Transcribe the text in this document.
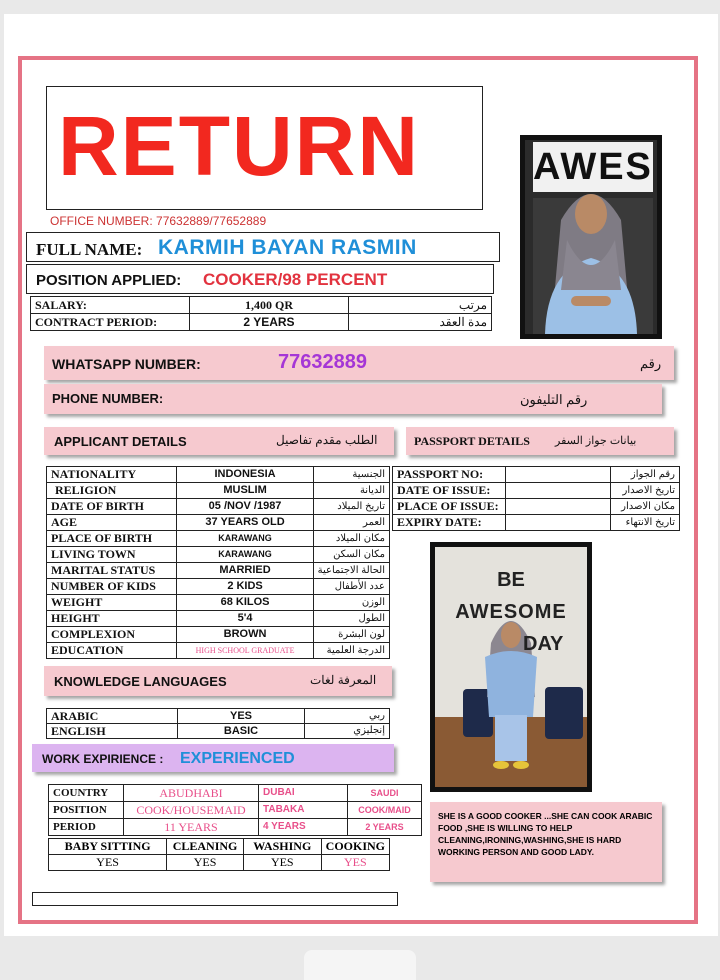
RETURN
OFFICE NUMBER: 77632889/77652889
FULL NAME: KARMIH BAYAN RASMIN
POSITION APPLIED: COOKER/98 PERCENT
SALARY:	1,400 QR	مرتب
CONTRACT PERIOD:	2 YEARS	مدة العقد
AWES
WHATSAPP NUMBER:	77632889	رقم
PHONE NUMBER:	رقم التليفون
APPLICANT DETAILS	الطلب مقدم تفاصيل	PASSPORT DETAILS بيانات جواز السفر
NATIONALITY	INDONESIA	الجنسية
RELIGION	MUSLIM	الديانة
DATE OF BIRTH	05 /NOV /1987	تاريخ الميلاد
AGE	37 YEARS OLD	العمر
PLACE OF BIRTH	KARAWANG	مكان الميلاد
LIVING TOWN	KARAWANG	مكان السكن
MARITAL STATUS	MARRIED	الحالة الاجتماعية
NUMBER OF KIDS	2 KIDS	عدد الأطفال
WEIGHT	68 KILOS	الوزن
HEIGHT	5'4	الطول
COMPLEXION	BROWN	لون البشرة
EDUCATION	HIGH SCHOOL GRADUATE	الدرجة العلمية
PASSPORT NO:		رقم الجواز
DATE OF ISSUE:		تاريخ الاصدار
PLACE OF ISSUE:		مكان الاصدار
EXPIRY DATE:		تاريخ الانتهاء
BE
AWESOME
DAY
KNOWLEDGE LANGUAGES	المعرفة لغات
ARABIC	YES	ربي
ENGLISH	BASIC	إنجليزي
WORK EXPIRIENCE : EXPERIENCED
COUNTRY	ABUDHABI	DUBAI	SAUDI
POSITION	COOK/HOUSEMAID	TABAKA	COOK/MAID
PERIOD	11 YEARS	4 YEARS	2 YEARS
BABY SITTING	CLEANING	WASHING	COOKING
YES	YES	YES	YES
SHE IS A GOOD COOKER ...SHE CAN COOK ARABIC FOOD ,SHE IS WILLING TO HELP CLEANING,IRONING,WASHING,SHE IS HARD WORKING PERSON AND GOOD LADY.
